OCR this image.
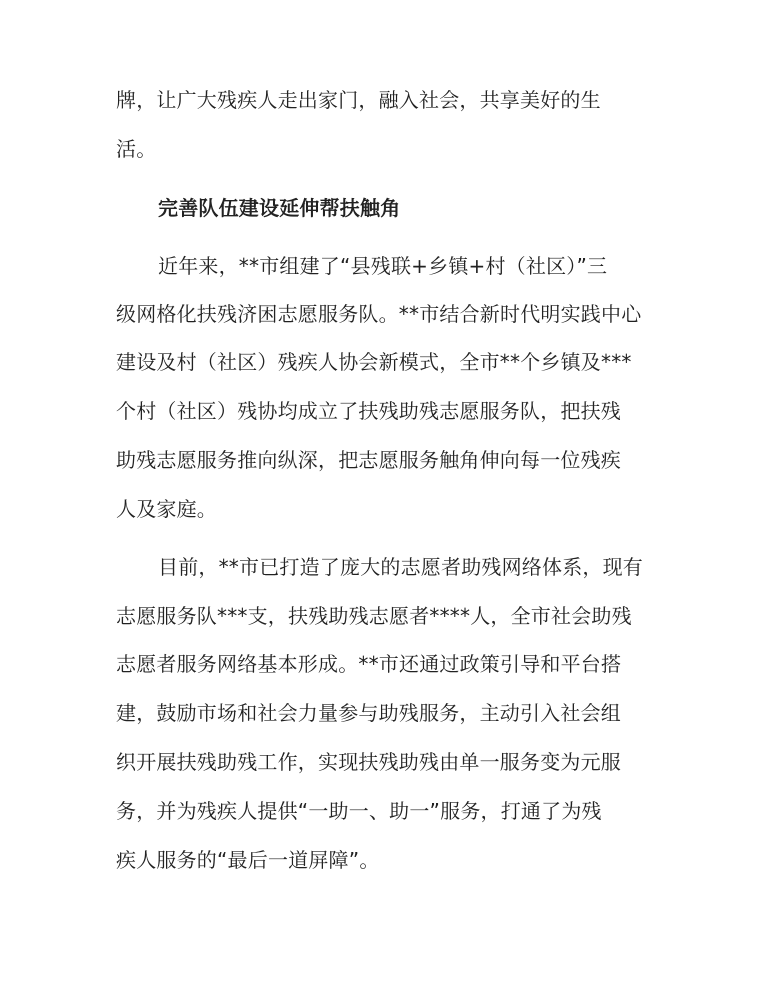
牌，让广大残疾人走出家门，融入社会，共享美好的生
活。
完善队伍建设延伸帮扶触角
近年来，**市组建了“县残联+乡镇+村（社区）”三
级网格化扶残济困志愿服务队。**市结合新时代明实践中心
建设及村（社区）残疾人协会新模式，全市**个乡镇及***
个村（社区）残协均成立了扶残助残志愿服务队，把扶残
助残志愿服务推向纵深，把志愿服务触角伸向每一位残疾
人及家庭。
目前，**市已打造了庞大的志愿者助残网络体系，现有
志愿服务队***支，扶残助残志愿者****人，全市社会助残
志愿者服务网络基本形成。**市还通过政策引导和平台搭
建，鼓励市场和社会力量参与助残服务，主动引入社会组
织开展扶残助残工作，实现扶残助残由单一服务变为元服
务，并为残疾人提供“一助一、助一”服务，打通了为残
疾人服务的“最后一道屏障”。
